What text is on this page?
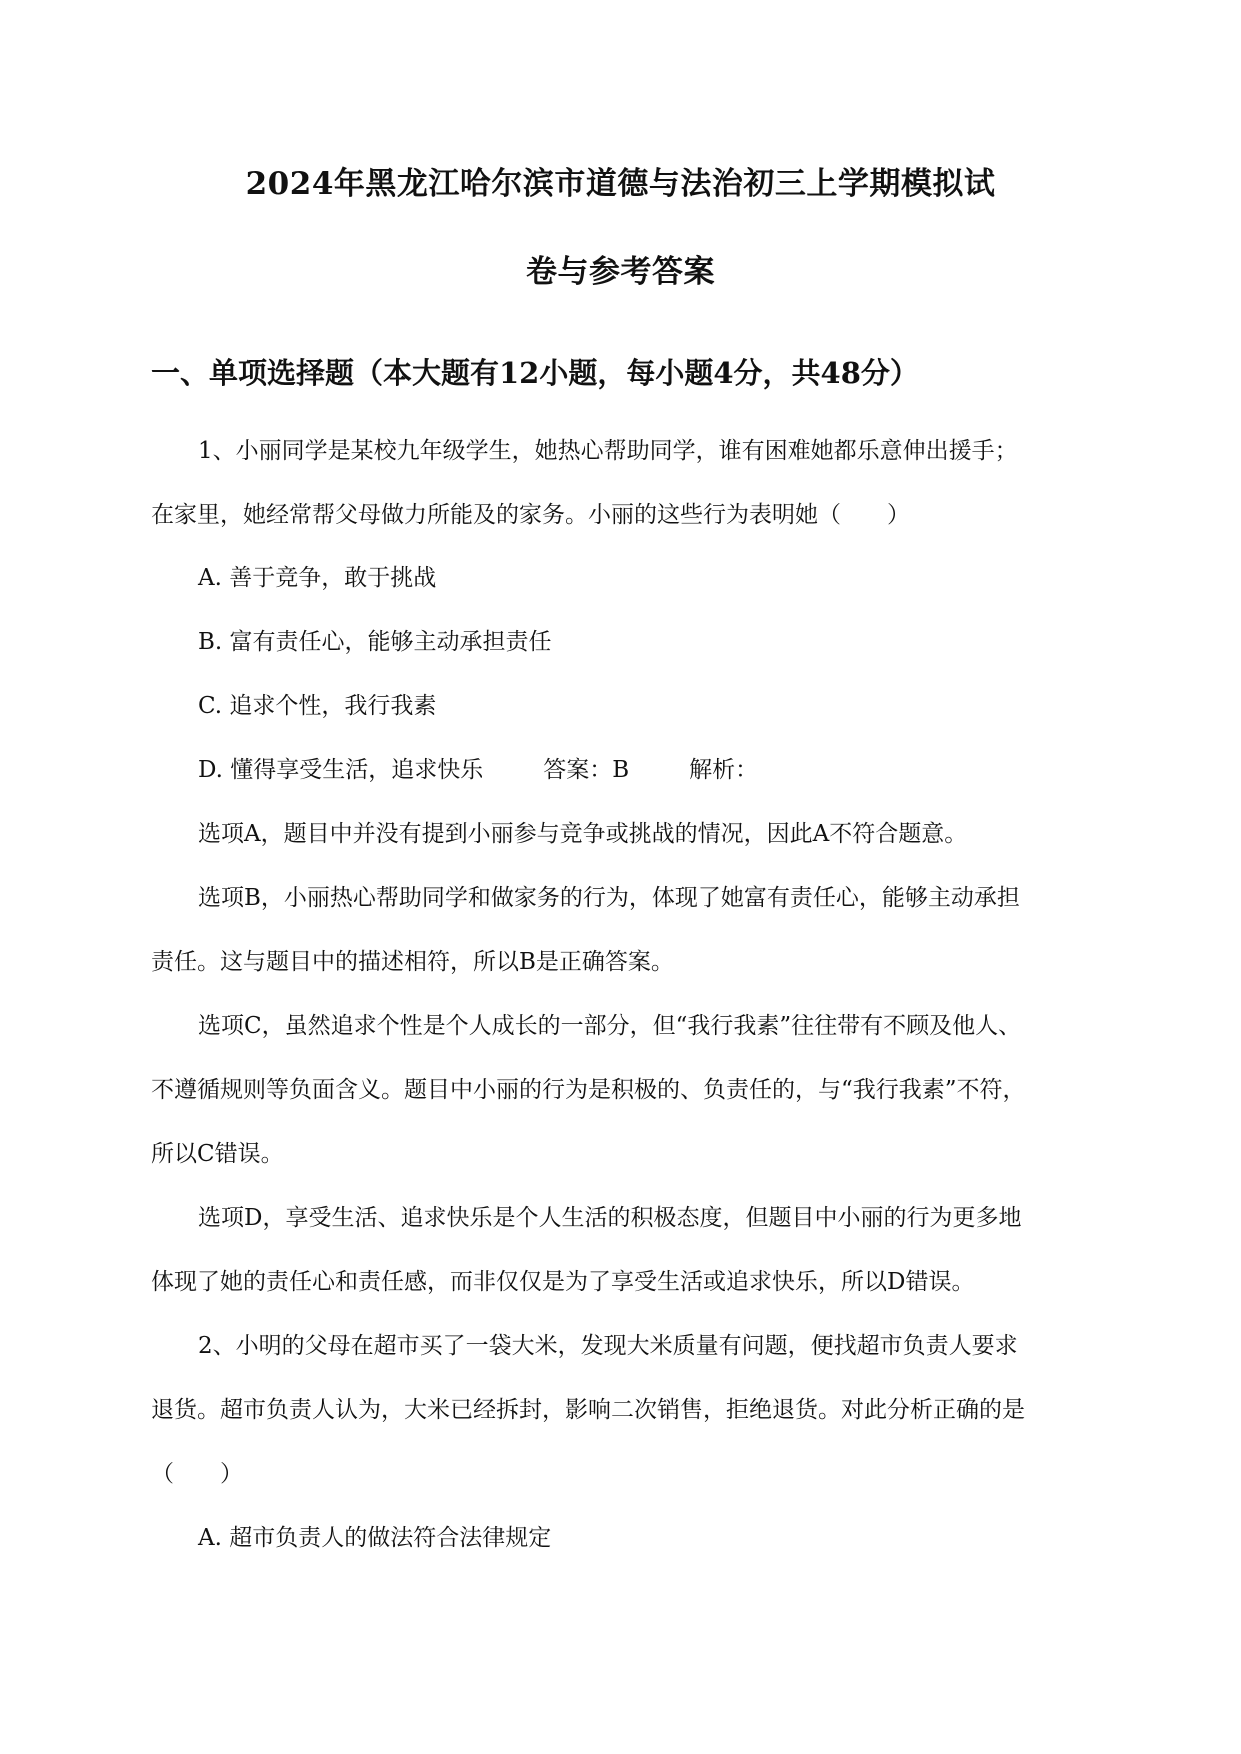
2024年黑龙江哈尔滨市道德与法治初三上学期模拟试
卷与参考答案
一、单项选择题（本大题有12小题，每小题4分，共48分）
1、小丽同学是某校九年级学生，她热心帮助同学，谁有困难她都乐意伸出援手；
在家里，她经常帮父母做力所能及的家务。小丽的这些行为表明她（　　）
A. 善于竞争，敢于挑战
B. 富有责任心，能够主动承担责任
C. 追求个性，我行我素
D. 懂得享受生活，追求快乐	答案：B	解析：
选项A，题目中并没有提到小丽参与竞争或挑战的情况，因此A不符合题意。
选项B，小丽热心帮助同学和做家务的行为，体现了她富有责任心，能够主动承担
责任。这与题目中的描述相符，所以B是正确答案。
选项C，虽然追求个性是个人成长的一部分，但“我行我素”往往带有不顾及他人、
不遵循规则等负面含义。题目中小丽的行为是积极的、负责任的，与“我行我素”不符，
所以C错误。
选项D，享受生活、追求快乐是个人生活的积极态度，但题目中小丽的行为更多地
体现了她的责任心和责任感，而非仅仅是为了享受生活或追求快乐，所以D错误。
2、小明的父母在超市买了一袋大米，发现大米质量有问题，便找超市负责人要求
退货。超市负责人认为，大米已经拆封，影响二次销售，拒绝退货。对此分析正确的是
（　　）
A. 超市负责人的做法符合法律规定
